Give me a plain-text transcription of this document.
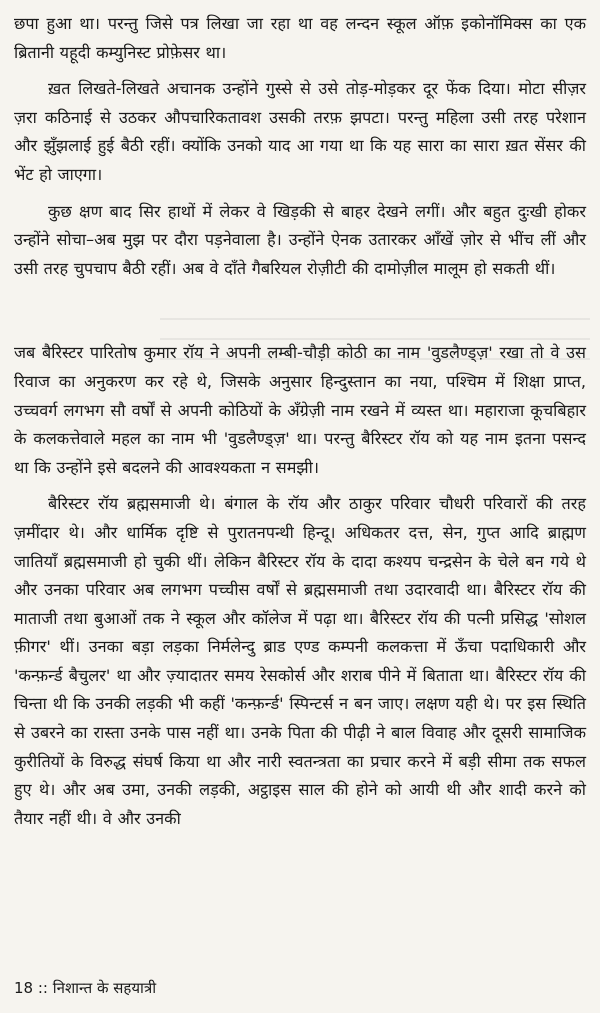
छपा हुआ था। परन्तु जिसे पत्र लिखा जा रहा था वह लन्दन स्कूल ऑफ़ इकोनॉमिक्स का एक ब्रितानी यहूदी कम्युनिस्ट प्रोफ़ेसर था।

ख़त लिखते-लिखते अचानक उन्होंने गुस्से से उसे तोड़-मोड़कर दूर फेंक दिया। मोटा सीज़र ज़रा कठिनाई से उठकर औपचारिकतावश उसकी तरफ़ झपटा। परन्तु महिला उसी तरह परेशान और झुँझलाई हुई बैठी रहीं। क्योंकि उनको याद आ गया था कि यह सारा का सारा ख़त सेंसर की भेंट हो जाएगा।

कुछ क्षण बाद सिर हाथों में लेकर वे खिड़की से बाहर देखने लगीं। और बहुत दुःखी होकर उन्होंने सोचा–अब मुझ पर दौरा पड़नेवाला है। उन्होंने ऐनक उतारकर आँखें ज़ोर से भींच लीं और उसी तरह चुपचाप बैठी रहीं। अब वे दाँते गैबरियल रोज़ीटी की दामोज़ील मालूम हो सकती थीं।

जब बैरिस्टर पारितोष कुमार रॉय ने अपनी लम्बी-चौड़ी कोठी का नाम 'वुडलैण्ड्ज़' रखा तो वे उस रिवाज का अनुकरण कर रहे थे, जिसके अनुसार हिन्दुस्तान का नया, पश्चिम में शिक्षा प्राप्त, उच्चवर्ग लगभग सौ वर्षों से अपनी कोठियों के अँग्रेज़ी नाम रखने में व्यस्त था। महाराजा कूचबिहार के कलकत्तेवाले महल का नाम भी 'वुडलैण्ड्ज़' था। परन्तु बैरिस्टर रॉय को यह नाम इतना पसन्द था कि उन्होंने इसे बदलने की आवश्यकता न समझी।

बैरिस्टर रॉय ब्रह्मसमाजी थे। बंगाल के रॉय और ठाकुर परिवार चौधरी परिवारों की तरह ज़मींदार थे। और धार्मिक दृष्टि से पुरातनपन्थी हिन्दू। अधिकतर दत्त, सेन, गुप्त आदि ब्राह्मण जातियाँ ब्रह्मसमाजी हो चुकी थीं। लेकिन बैरिस्टर रॉय के दादा कश्यप चन्द्रसेन के चेले बन गये थे और उनका परिवार अब लगभग पच्चीस वर्षों से ब्रह्मसमाजी तथा उदारवादी था। बैरिस्टर रॉय की माताजी तथा बुआओं तक ने स्कूल और कॉलेज में पढ़ा था। बैरिस्टर रॉय की पत्नी प्रसिद्ध 'सोशल फ़ीगर' थीं। उनका बड़ा लड़का निर्मलेन्दु ब्राड एण्ड कम्पनी कलकत्ता में ऊँचा पदाधिकारी और 'कन्फ़र्न्ड बैचुलर' था और ज़्यादातर समय रेसकोर्स और शराब पीने में बिताता था। बैरिस्टर रॉय की चिन्ता थी कि उनकी लड़की भी कहीं 'कन्फ़र्न्ड' स्पिन्टर्स न बन जाए। लक्षण यही थे। पर इस स्थिति से उबरने का रास्ता उनके पास नहीं था। उनके पिता की पीढ़ी ने बाल विवाह और दूसरी सामाजिक कुरीतियों के विरुद्ध संघर्ष किया था और नारी स्वतन्त्रता का प्रचार करने में बड़ी सीमा तक सफल हुए थे। और अब उमा, उनकी लड़की, अट्ठाइस साल की होने को आयी थी और शादी करने को तैयार नहीं थी। वे और उनकी

18 :: निशान्त के सहयात्री
